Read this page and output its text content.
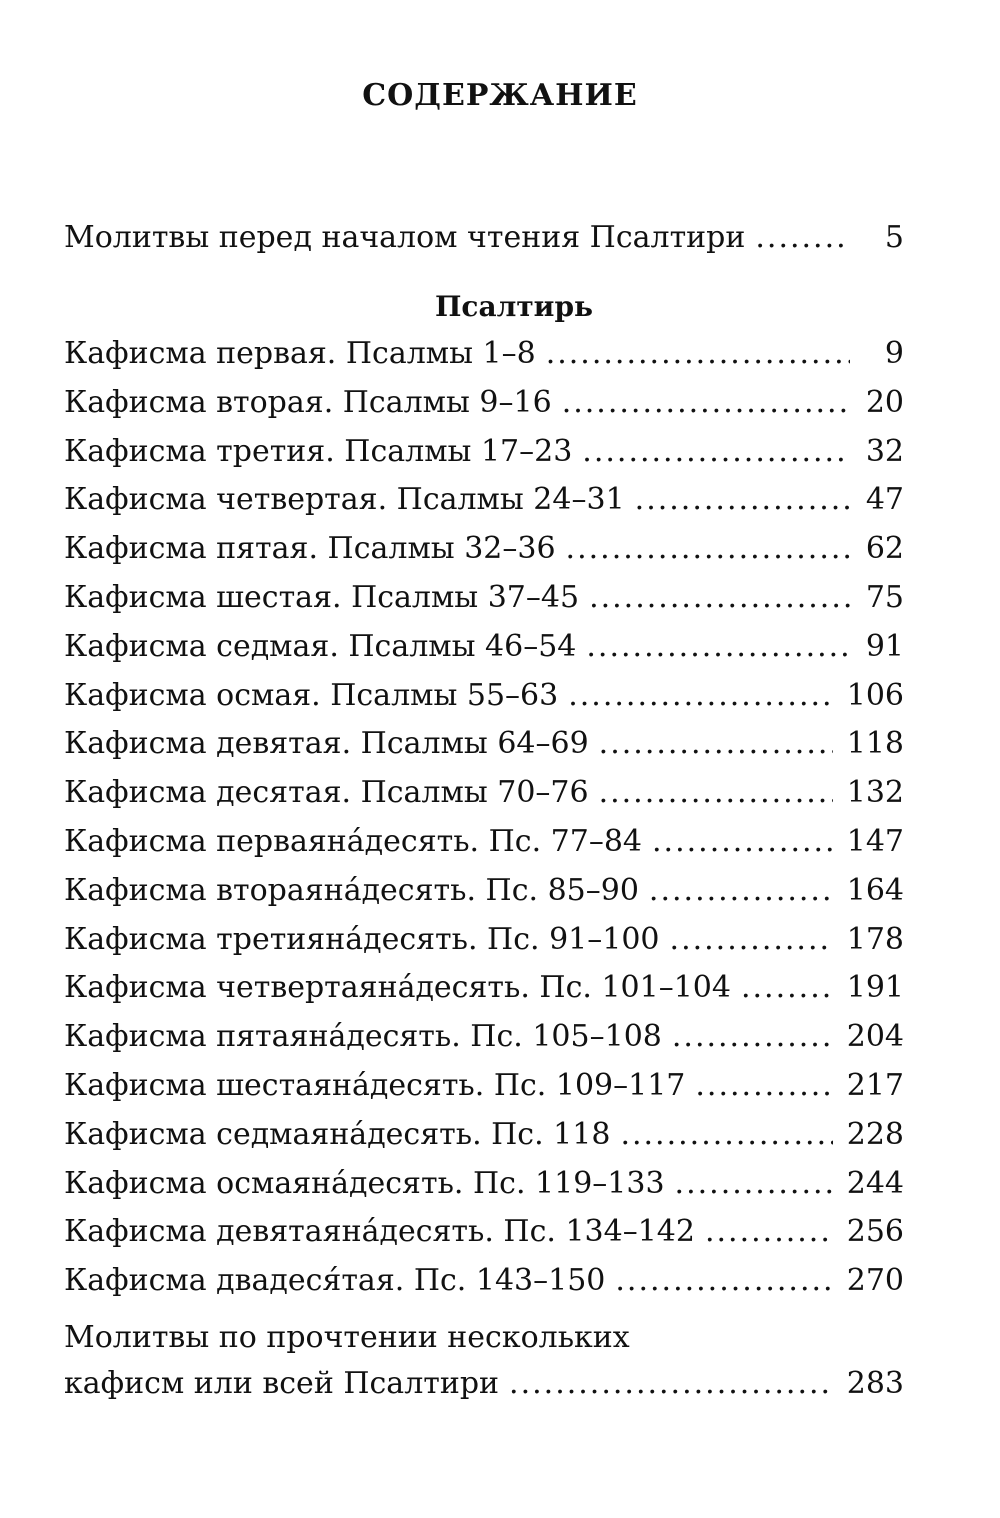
СОДЕРЖАНИЕ
Молитвы перед началом чтения Псалтири .....	5
Псалтирь
Кафисма первая. Псалмы 1–8 .....	9
Кафисма вторая. Псалмы 9–16 .....	20
Кафисма третия. Псалмы 17–23 .....	32
Кафисма четвертая. Псалмы 24–31 .....	47
Кафисма пятая. Псалмы 32–36 .....	62
Кафисма шестая. Псалмы 37–45 .....	75
Кафисма седмая. Псалмы 46–54 .....	91
Кафисма осмая. Псалмы 55–63 .....	106
Кафисма девятая. Псалмы 64–69 .....	118
Кафисма десятая. Псалмы 70–76 .....	132
Кафисма перваяна́десять. Пс. 77–84 .....	147
Кафисма втораяна́десять. Пс. 85–90 .....	164
Кафисма третияна́десять. Пс. 91–100 .....	178
Кафисма четвертаяна́десять. Пс. 101–104 .....	191
Кафисма пятаяна́десять. Пс. 105–108 .....	204
Кафисма шестаяна́десять. Пс. 109–117 .....	217
Кафисма седмаяна́десять. Пс. 118 .....	228
Кафисма осмаяна́десять. Пс. 119–133 .....	244
Кафисма девятаяна́десять. Пс. 134–142 .....	256
Кафисма двадеся́тая. Пс. 143–150 .....	270
Молитвы по прочтении нескольких
кафисм или всей Псалтири .....	283
